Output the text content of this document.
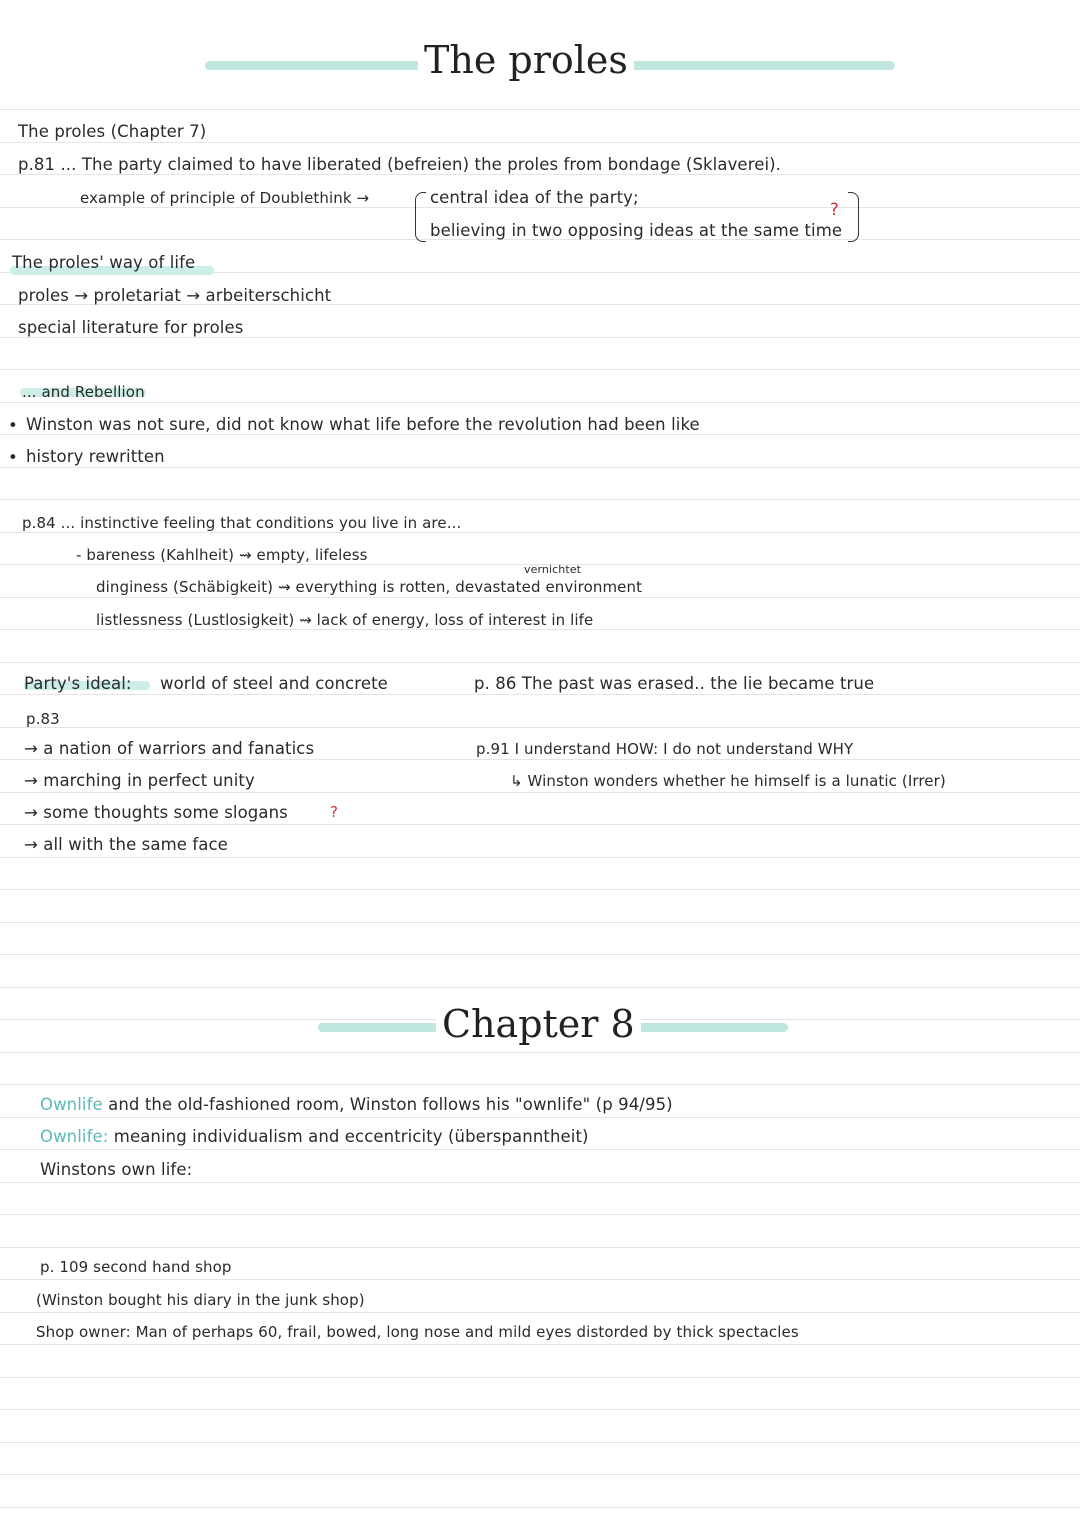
The proles
The proles (Chapter 7)
p.81 ... The party claimed to have liberated (befreien) the proles from bondage (Sklaverei).
example of principle of Doublethink →	central idea of the party;
believing in two opposing ideas at the same time
?
The proles' way of life
proles → proletariat → arbeiterschicht
special literature for proles
... and Rebellion
• Winston was not sure, did not know what life before the revolution had been like
• history rewritten
p.84 ... instinctive feeling that conditions you live in are...
- bareness (Kahlheit) ⇝ empty, lifeless
vernichtet
dinginess (Schäbigkeit) ⇝ everything is rotten, devastated environment
listlessness (Lustlosigkeit) ⇝ lack of energy, loss of interest in life
Party's ideal: world of steel and concrete
p.83
→ a nation of warriors and fanatics
→ marching in perfect unity
→ some thoughts some slogans	?
→ all with the same face
p. 86 The past was erased.. the lie became true
p.91 I understand HOW: I do not understand WHY
↳ Winston wonders whether he himself is a lunatic (Irrer)
Chapter 8
Ownlife and the old-fashioned room, Winston follows his "ownlife" (p 94/95)
Ownlife: meaning individualism and eccentricity (überspanntheit)
Winstons own life:
p. 109 second hand shop
(Winston bought his diary in the junk shop)
Shop owner: Man of perhaps 60, frail, bowed, long nose and mild eyes distorded by thick spectacles
